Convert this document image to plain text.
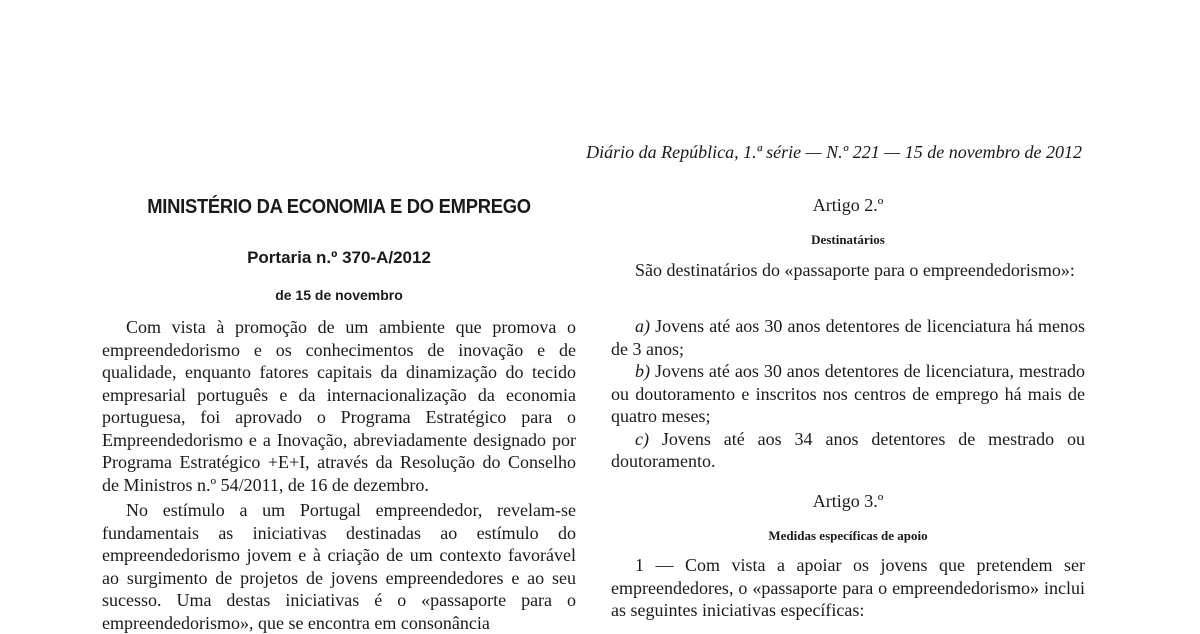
Diário da República, 1.ª série — N.º 221 — 15 de novembro de 2012
MINISTÉRIO DA ECONOMIA E DO EMPREGO
Portaria n.º 370-A/2012
de 15 de novembro

Com vista à promoção de um ambiente que promova o empreendedorismo e os conhecimentos de inovação e de qualidade, enquanto fatores capitais da dinamização do tecido empresarial português e da internacionalização da economia portuguesa, foi aprovado o Programa Estratégico para o Empreendedorismo e a Inovação, abreviadamente designado por Programa Estratégico +E+I, através da Resolução do Conselho de Ministros n.º 54/2011, de 16 de dezembro.

No estímulo a um Portugal empreendedor, revelam-se fundamentais as iniciativas destinadas ao estímulo do empreendedorismo jovem e à criação de um contexto favorável ao surgimento de projetos de jovens empreendedores e ao seu sucesso. Uma destas iniciativas é o «passaporte para o empreendedorismo», que se encontra em consonância

Artigo 2.º
Destinatários

São destinatários do «passaporte para o empreendedorismo»:

a) Jovens até aos 30 anos detentores de licenciatura há menos de 3 anos;

b) Jovens até aos 30 anos detentores de licenciatura, mestrado ou doutoramento e inscritos nos centros de emprego há mais de quatro meses;

c) Jovens até aos 34 anos detentores de mestrado ou doutoramento.

Artigo 3.º
Medidas específicas de apoio

1 — Com vista a apoiar os jovens que pretendem ser empreendedores, o «passaporte para o empreendedorismo» inclui as seguintes iniciativas específicas:
